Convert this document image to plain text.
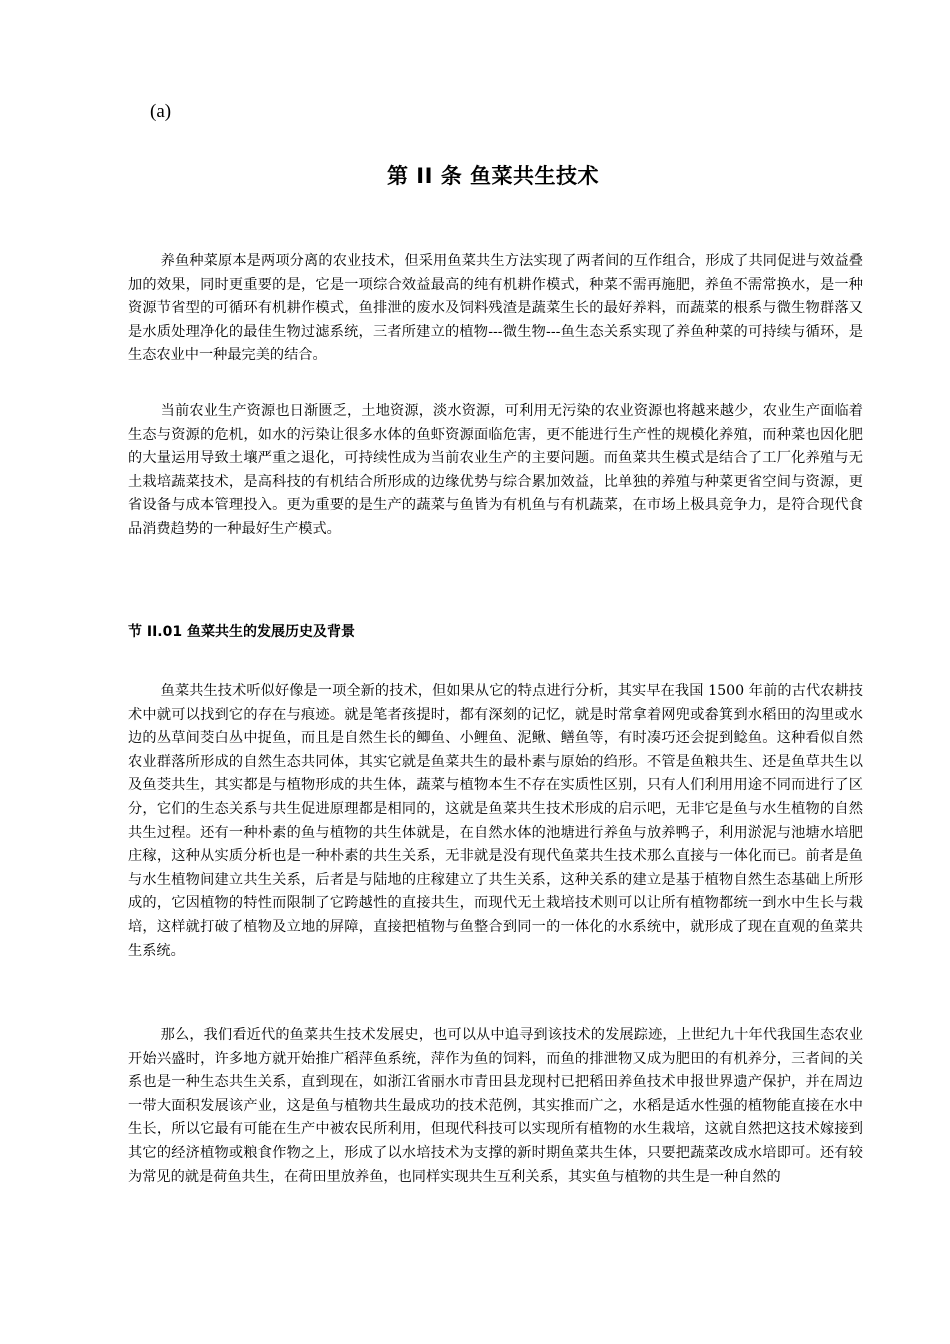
(a)
第 II 条 鱼菜共生技术

养鱼种菜原本是两项分离的农业技术，但采用鱼菜共生方法实现了两者间的互作组合，形成了共同促进与效益叠加的效果，同时更重要的是，它是一项综合效益最高的纯有机耕作模式，种菜不需再施肥，养鱼不需常换水，是一种资源节省型的可循环有机耕作模式，鱼排泄的废水及饲料残渣是蔬菜生长的最好养料，而蔬菜的根系与微生物群落又是水质处理净化的最佳生物过滤系统，三者所建立的植物---微生物---鱼生态关系实现了养鱼种菜的可持续与循环，是生态农业中一种最完美的结合。

当前农业生产资源也日渐匮乏，土地资源，淡水资源，可利用无污染的农业资源也将越来越少，农业生产面临着生态与资源的危机，如水的污染让很多水体的鱼虾资源面临危害，更不能进行生产性的规模化养殖，而种菜也因化肥的大量运用导致土壤严重之退化，可持续性成为当前农业生产的主要问题。而鱼菜共生模式是结合了工厂化养殖与无土栽培蔬菜技术，是高科技的有机结合所形成的边缘优势与综合累加效益，比单独的养殖与种菜更省空间与资源，更省设备与成本管理投入。更为重要的是生产的蔬菜与鱼皆为有机鱼与有机蔬菜，在市场上极具竞争力，是符合现代食品消费趋势的一种最好生产模式。

节 II.01 鱼菜共生的发展历史及背景

鱼菜共生技术听似好像是一项全新的技术，但如果从它的特点进行分析，其实早在我国 1500 年前的古代农耕技术中就可以找到它的存在与痕迹。就是笔者孩提时，都有深刻的记忆，就是时常拿着网兜或畚箕到水稻田的沟里或水边的丛草间茭白丛中捉鱼，而且是自然生长的鲫鱼、小鲤鱼、泥鳅、鳝鱼等，有时凑巧还会捉到鲶鱼。这种看似自然农业群落所形成的自然生态共同体，其实它就是鱼菜共生的最朴素与原始的绉形。不管是鱼粮共生、还是鱼草共生以及鱼茭共生，其实都是与植物形成的共生体，蔬菜与植物本生不存在实质性区别，只有人们利用用途不同而进行了区分，它们的生态关系与共生促进原理都是相同的，这就是鱼菜共生技术形成的启示吧，无非它是鱼与水生植物的自然共生过程。还有一种朴素的鱼与植物的共生体就是，在自然水体的池塘进行养鱼与放养鸭子，利用淤泥与池塘水培肥庄稼，这种从实质分析也是一种朴素的共生关系，无非就是没有现代鱼菜共生技术那么直接与一体化而已。前者是鱼与水生植物间建立共生关系，后者是与陆地的庄稼建立了共生关系，这种关系的建立是基于植物自然生态基础上所形成的，它因植物的特性而限制了它跨越性的直接共生，而现代无土栽培技术则可以让所有植物都统一到水中生长与栽培，这样就打破了植物及立地的屏障，直接把植物与鱼整合到同一的一体化的水系统中，就形成了现在直观的鱼菜共生系统。

那么，我们看近代的鱼菜共生技术发展史，也可以从中追寻到该技术的发展踪迹，上世纪九十年代我国生态农业开始兴盛时，许多地方就开始推广稻萍鱼系统，萍作为鱼的饲料，而鱼的排泄物又成为肥田的有机养分，三者间的关系也是一种生态共生关系，直到现在，如浙江省丽水市青田县龙现村已把稻田养鱼技术申报世界遗产保护，并在周边一带大面积发展该产业，这是鱼与植物共生最成功的技术范例，其实推而广之，水稻是适水性强的植物能直接在水中生长，所以它最有可能在生产中被农民所利用，但现代科技可以实现所有植物的水生栽培，这就自然把这技术嫁接到其它的经济植物或粮食作物之上，形成了以水培技术为支撑的新时期鱼菜共生体，只要把蔬菜改成水培即可。还有较为常见的就是荷鱼共生，在荷田里放养鱼，也同样实现共生互利关系，其实鱼与植物的共生是一种自然的
